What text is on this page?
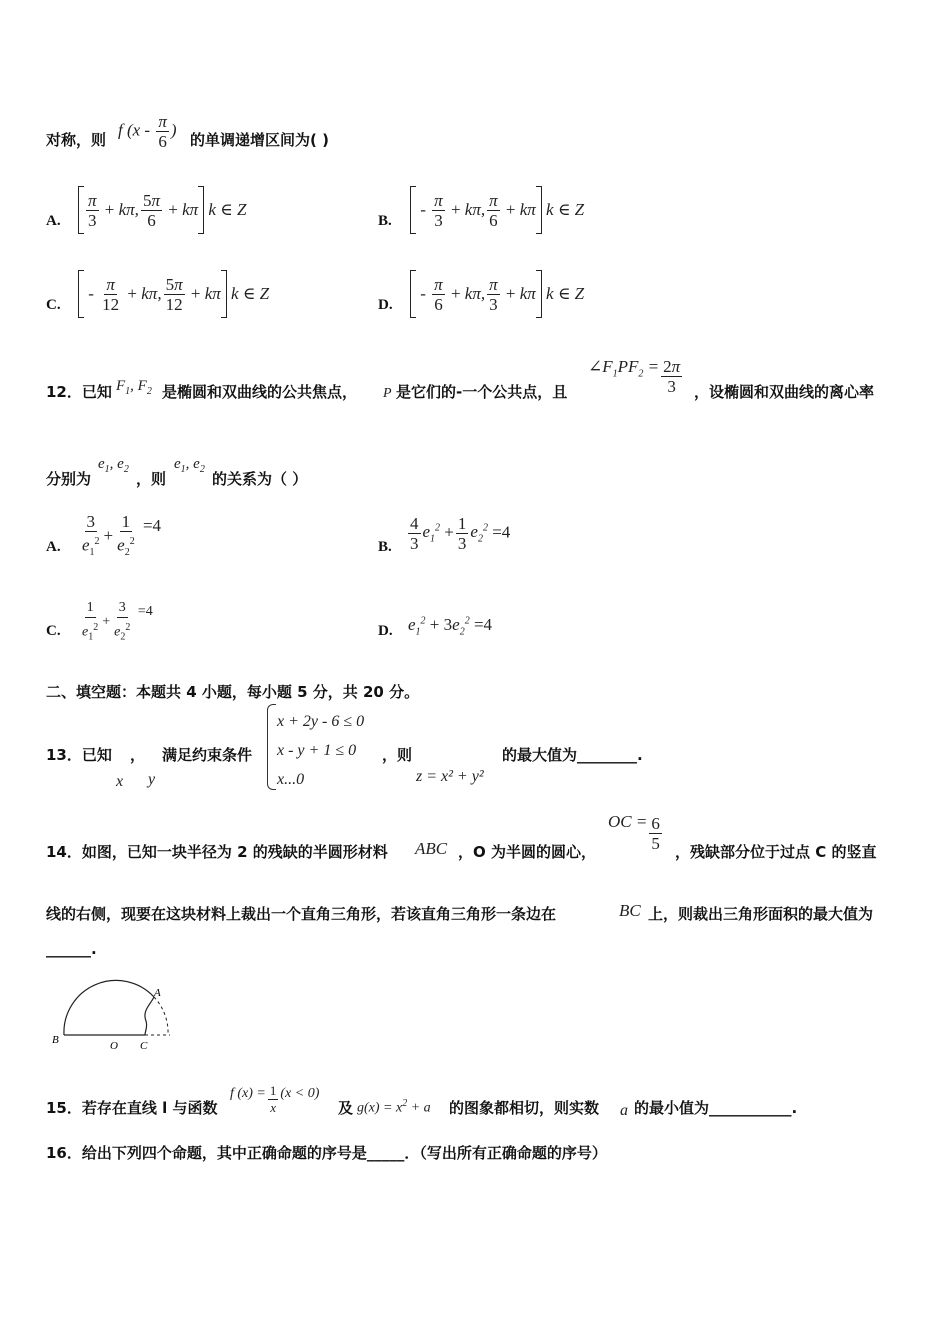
对称，则
f ($x - \frac{\pi}{6}$ )
的单调递增区间为( )
A. $\frac{\pi}{3} + k\pi$, $\frac{5\pi}{6} + k\pi$ k ∈ Z
B.
- $\frac{\pi}{3} + k\pi$, $\frac{\pi}{6} + k\pi$ k ∈ Z
C.
- $\frac{\pi}{12} + k\pi$, $\frac{5\pi}{12} + k\pi$ k ∈ Z
D.
- $\frac{\pi}{6} + k\pi$, $\frac{\pi}{3} + k\pi$ k ∈ Z
12．已知 $F_1$, $F_2$ 是椭圆和双曲线的公共焦点， P 是它们的-一个公共点，且
$\angle F_1PF_2 = \frac{2\pi}{3}$ ，设椭圆和双曲线的离心率
分别为
$e_1$, $e_2$
，则
$e_1$, $e_2$
的关系为（ ）
A. $\frac{3}{e_1^2} + \frac{1}{e_2^2} =4$
B. $\frac{4}{3} e_1^2 + \frac{1}{3} e_2^2 =4$
C. $\frac{1}{e_1^2} + \frac{3}{e_2^2} =4$
D. $e_1^2 + 3e_2^2 =4$
二、填空题：本题共 4 小题，每小题 5 分，共 20 分。
13．已知 ， 满足约束条件
x y
x + 2y - 6 ≤ 0
x - y + 1 ≤ 0
x...0
，则
z = x² + y²
的最大值为________.
14．如图，已知一块半径为 2 的残缺的半圆形材料 ABC ，O 为半圆的圆心，
OC = $\frac{6}{5}$ ，残缺部分位于过点 C 的竖直
线的右侧，现要在这块材料上裁出一个直角三角形，若该直角三角形一条边在	BC 上，则裁出三角形面积的最大值为
______.
A
B	O C
15．若存在直线 l 与函数
f $(x) = \frac{1}{x} (x < 0)$
及 $g(x) = x^2 + a$ 的图象都相切，则实数 a 的最小值为___________.
16．给出下列四个命题，其中正确命题的序号是_____．（写出所有正确命题的序号）
